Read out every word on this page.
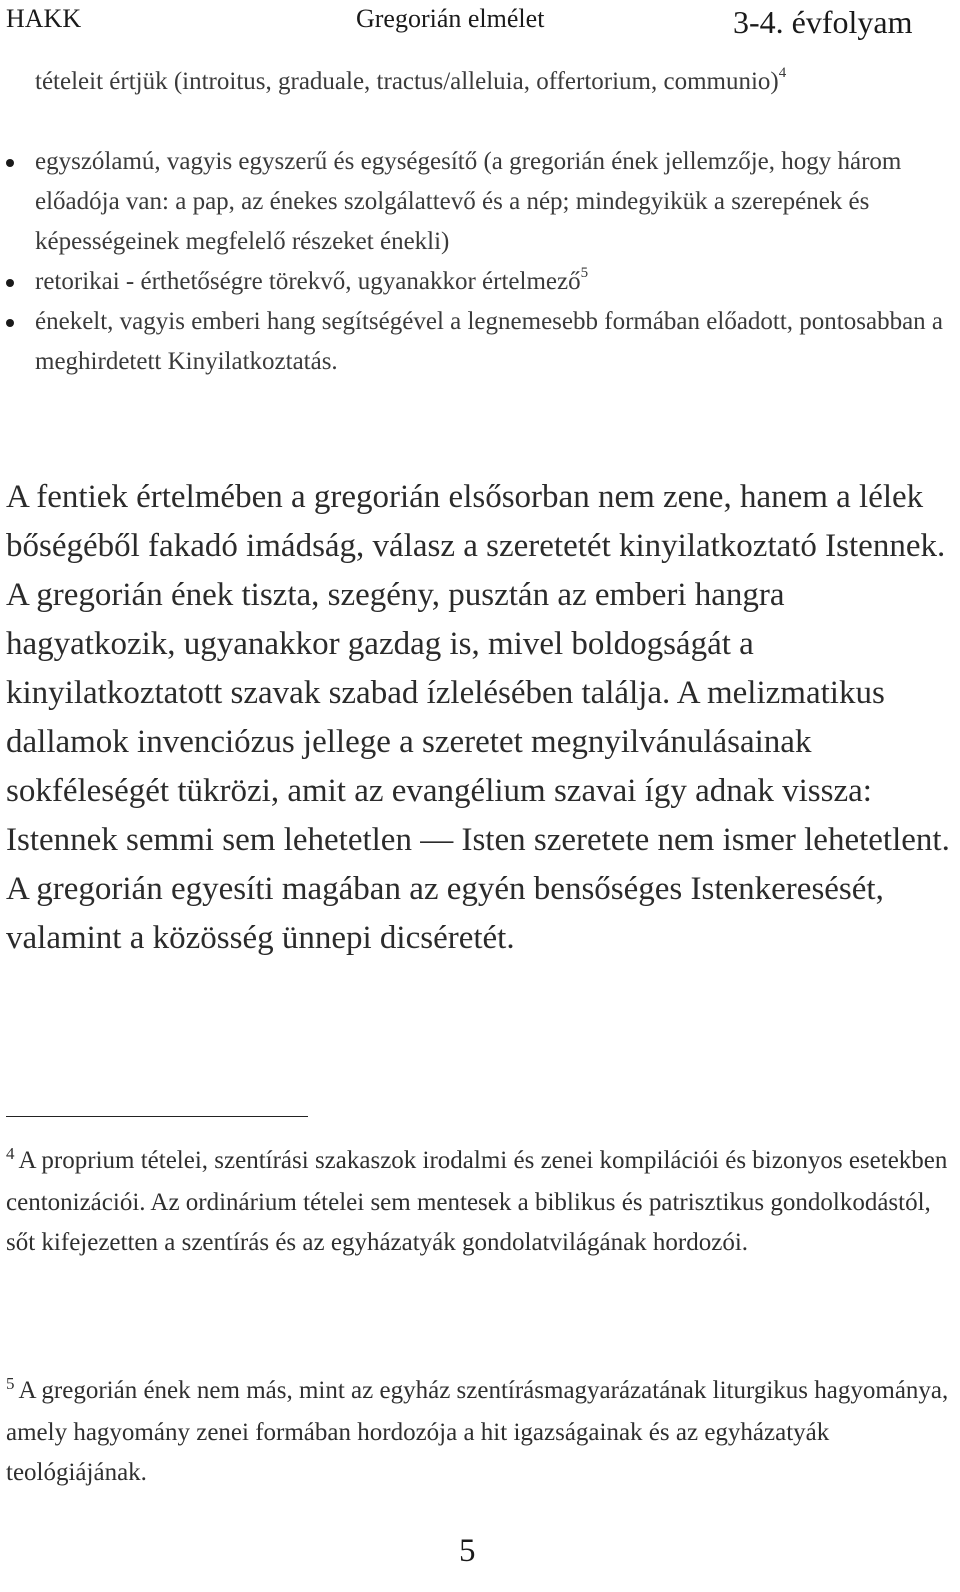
HAKK	Gregorián elmélet	3-4. évfolyam
tételeit értjük (introitus, graduale, tractus/alleluia, offertorium, communio)$^4$
egyszólamú, vagyis egyszerű és egységesítő (a gregorián ének jellemzője, hogy három előadója van: a pap, az énekes szolgálattevő és a nép; mindegyikük a szerepének és képességeinek megfelelő részeket énekli)
retorikai - érthetőségre törekvő, ugyanakkor értelmező$^5$
énekelt, vagyis emberi hang segítségével a legnemesebb formában előadott, pontosabban a meghirdetett Kinyilatkoztatás.

A fentiek értelmében a gregorián elsősorban nem zene, hanem a lélek bőségéből fakadó imádság, válasz a szeretetét kinyilatkoztató Istennek. A gregorián ének tiszta, szegény, pusztán az emberi hangra hagyatkozik, ugyanakkor gazdag is, mivel boldogságát a kinyilatkoztatott szavak szabad ízlelésében találja. A melizmatikus dallamok invenciózus jellege a szeretet megnyilvánulásainak sokféleségét tükrözi, amit az evangélium szavai így adnak vissza: Istennek semmi sem lehetetlen — Isten szeretete nem ismer lehetetlent. A gregorián egyesíti magában az egyén bensőséges Istenkeresését, valamint a közösség ünnepi dicséretét.

$^4$ A proprium tételei, szentírási szakaszok irodalmi és zenei kompilációi és bizonyos esetekben centonizációi. Az ordinárium tételei sem mentesek a biblikus és patrisztikus gondolkodástól, sőt kifejezetten a szentírás és az egyházatyák gondolatvilágának hordozói.

$^5$ A gregorián ének nem más, mint az egyház szentírásmagyarázatának liturgikus hagyománya, amely hagyomány zenei formában hordozója a hit igazságainak és az egyházatyák teológiájának.

5
